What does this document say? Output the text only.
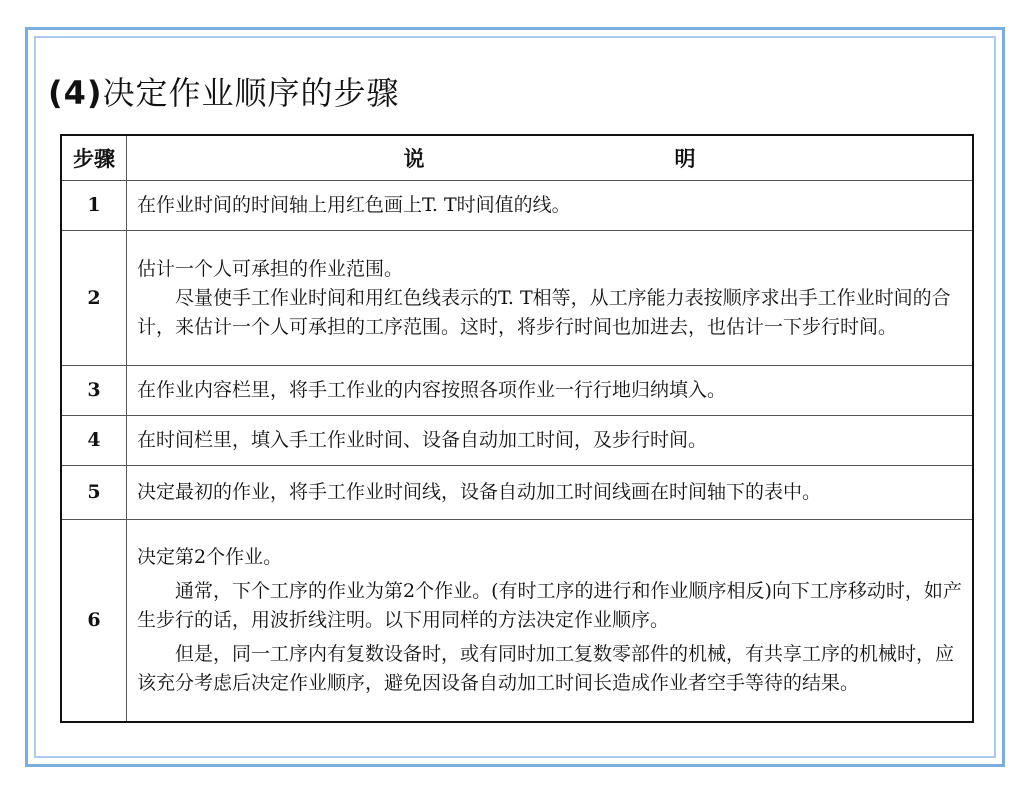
(4)决定作业顺序的步骤
步骤	说 明
1	在作业时间的时间轴上用红色画上T. T时间值的线。

2	估计一个人可承担的作业范围。

尽量使手工作业时间和用红色线表示的T. T相等，从工序能力表按顺序求出手工作业时间的合计，来估计一个人可承担的工序范围。这时，将步行时间也加进去，也估计一下步行时间。

3	在作业内容栏里，将手工作业的内容按照各项作业一行行地归纳填入。

4	在时间栏里，填入手工作业时间、设备自动加工时间，及步行时间。

5	决定最初的作业，将手工作业时间线，设备自动加工时间线画在时间轴下的表中。

6	决定第2个作业。

通常，下个工序的作业为第2个作业。(有时工序的进行和作业顺序相反)向下工序移动时，如产生步行的话，用波折线注明。以下用同样的方法决定作业顺序。

但是，同一工序内有复数设备时，或有同时加工复数零部件的机械，有共享工序的机械时，应该充分考虑后决定作业顺序，避免因设备自动加工时间长造成作业者空手等待的结果。
